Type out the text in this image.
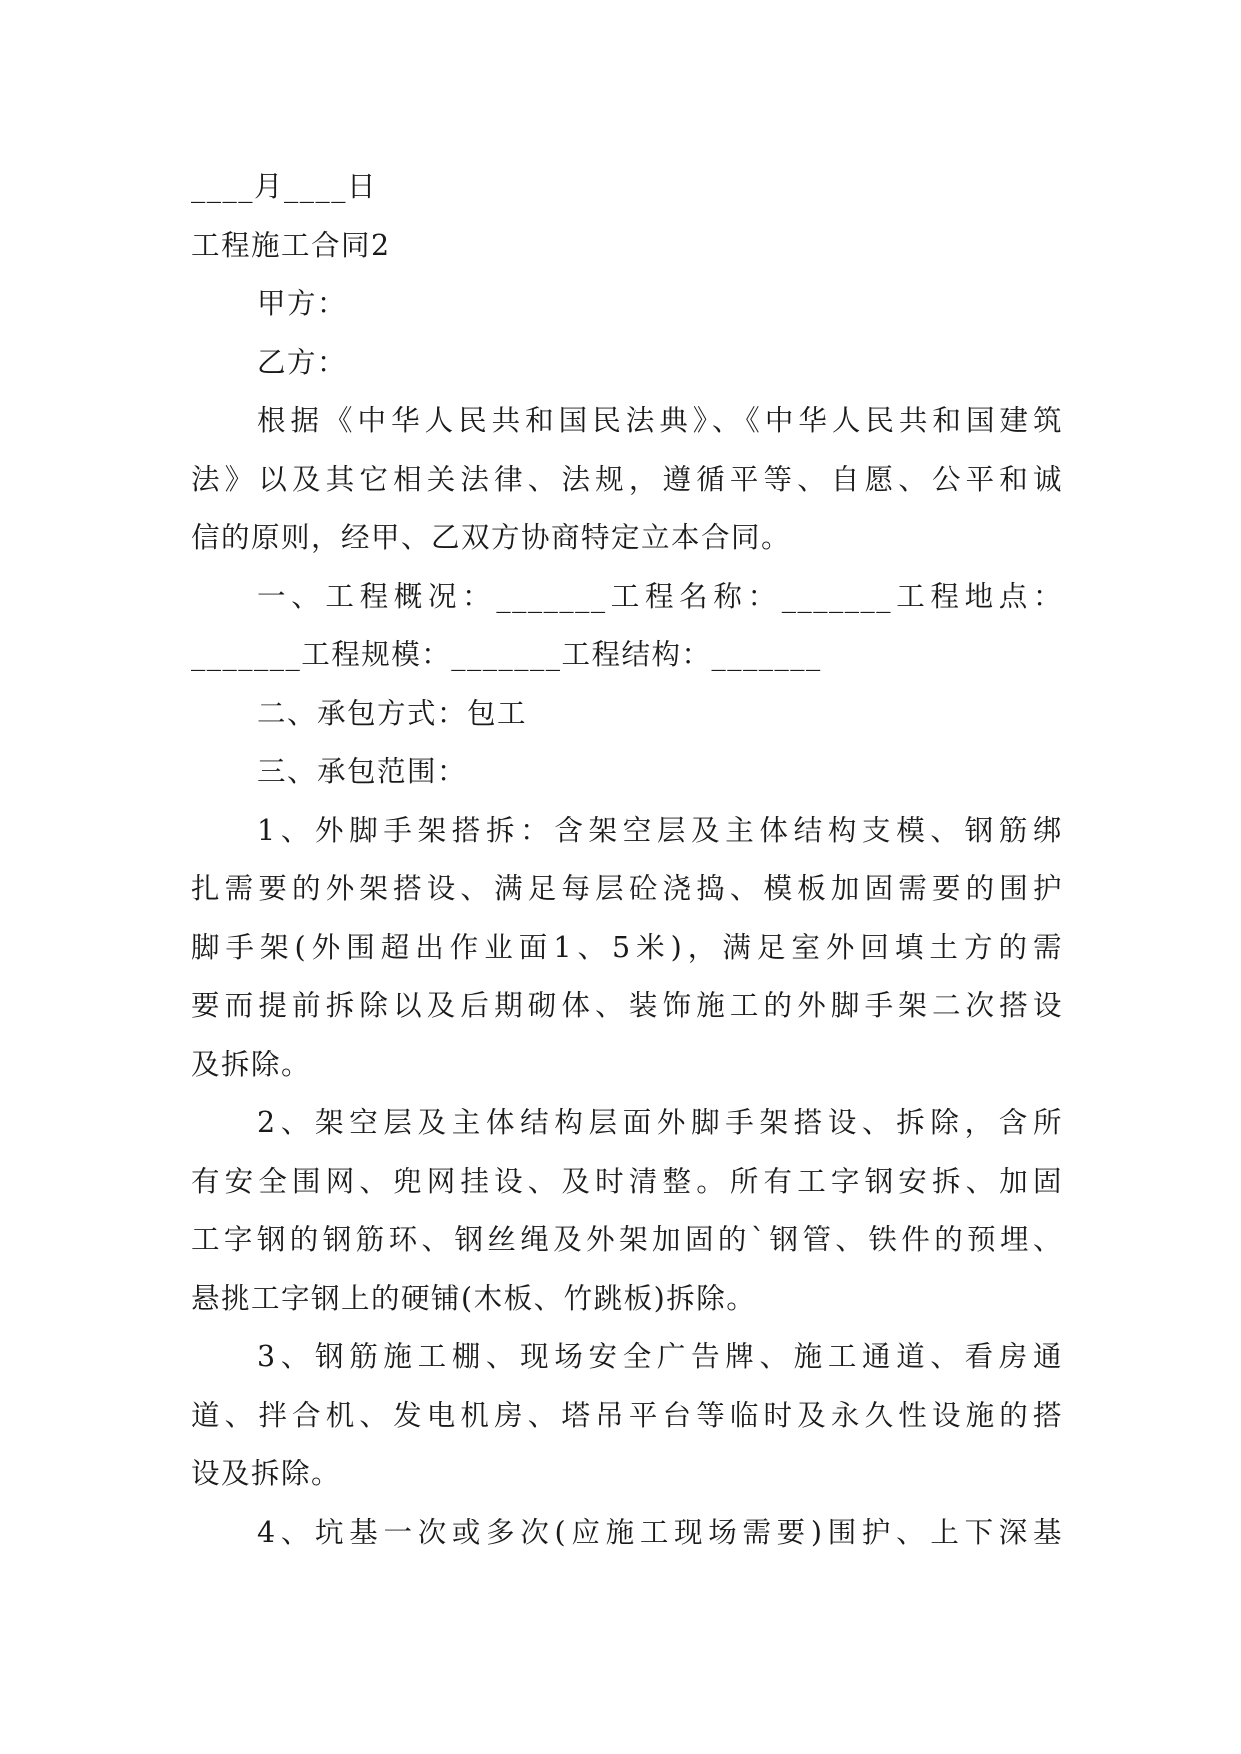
____月____日
工程施工合同2
甲方：
乙方：
根据《中华人民共和国民法典》、《中华人民共和国建筑
法》以及其它相关法律、法规，遵循平等、自愿、公平和诚
信的原则，经甲、乙双方协商特定立本合同。
一、工程概况：_______工程名称：_______工程地点：
_______工程规模：_______工程结构：_______
二、承包方式：包工
三、承包范围：
1、外脚手架搭拆：含架空层及主体结构支模、钢筋绑
扎需要的外架搭设、满足每层砼浇捣、模板加固需要的围护
脚手架(外围超出作业面1、5米)，满足室外回填土方的需
要而提前拆除以及后期砌体、装饰施工的外脚手架二次搭设
及拆除。
2、架空层及主体结构层面外脚手架搭设、拆除，含所
有安全围网、兜网挂设、及时清整。所有工字钢安拆、加固
工字钢的钢筋环、钢丝绳及外架加固的`钢管、铁件的预埋、
悬挑工字钢上的硬铺(木板、竹跳板)拆除。
3、钢筋施工棚、现场安全广告牌、施工通道、看房通
道、拌合机、发电机房、塔吊平台等临时及永久性设施的搭
设及拆除。
4、坑基一次或多次(应施工现场需要)围护、上下深基
